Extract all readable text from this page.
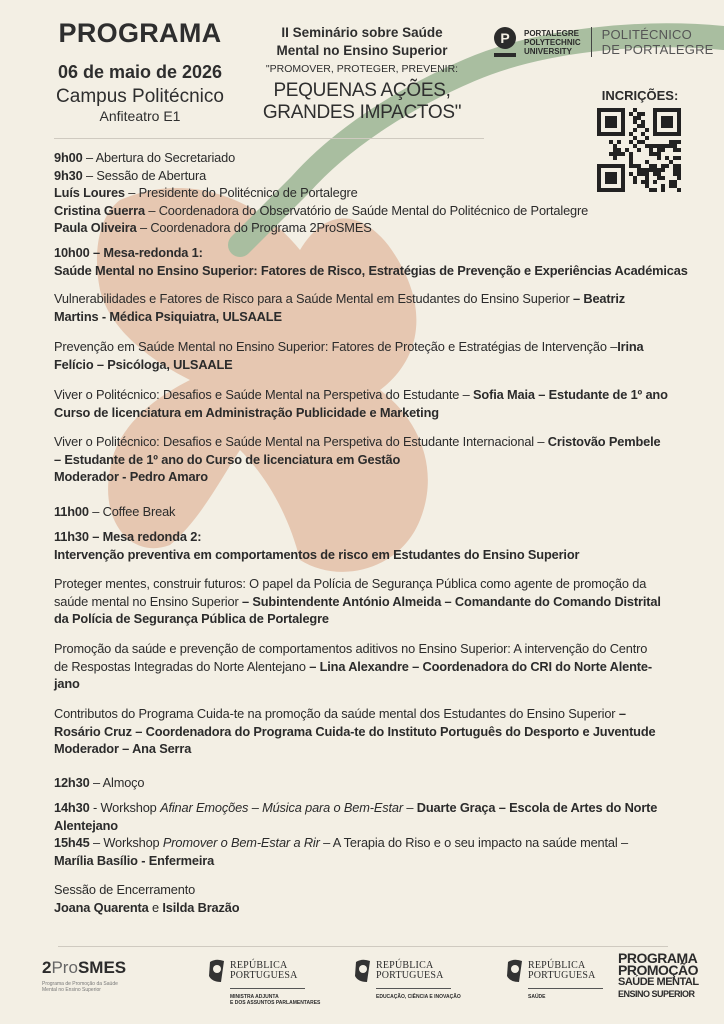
PROGRAMA
06 de maio de 2026
Campus Politécnico
Anfiteatro E1
II Seminário sobre Saúde
Mental no Ensino Superior
"PROMOVER, PROTEGER, PREVENIR:
PEQUENAS AÇÕES,
GRANDES IMPACTOS"
P PORTALEGRE
POLYTECHNIC
UNIVERSITY
POLITÉCNICO
DE PORTALEGRE
INCRIÇÕES:
9h00 – Abertura do Secretariado
9h30 – Sessão de Abertura
Luís Loures – Presidente do Politécnico de Portalegre
Cristina Guerra – Coordenadora do Observatório de Saúde Mental do Politécnico de Portalegre
Paula Oliveira – Coordenadora do Programa 2ProSMES
10h00 – Mesa-redonda 1:
Saúde Mental no Ensino Superior: Fatores de Risco, Estratégias de Prevenção e Experiências Académicas
Vulnerabilidades e Fatores de Risco para a Saúde Mental em Estudantes do Ensino Superior – Beatriz
Martins - Médica Psiquiatra, ULSAALE
Prevenção em Saúde Mental no Ensino Superior: Fatores de Proteção e Estratégias de Intervenção –Irina
Felício – Psicóloga, ULSAALE
Viver o Politécnico: Desafios e Saúde Mental na Perspetiva do Estudante – Sofia Maia – Estudante de 1º ano
Curso de licenciatura em Administração Publicidade e Marketing
Viver o Politécnico: Desafios e Saúde Mental na Perspetiva do Estudante Internacional – Cristovão Pembele
– Estudante de 1º ano do Curso de licenciatura em Gestão
Moderador - Pedro Amaro
11h00 – Coffee Break
11h30 – Mesa redonda 2:
Intervenção preventiva em comportamentos de risco em Estudantes do Ensino Superior
Proteger mentes, construir futuros: O papel da Polícia de Segurança Pública como agente de promoção da
saúde mental no Ensino Superior – Subintendente António Almeida – Comandante do Comando Distrital
da Polícia de Segurança Pública de Portalegre
Promoção da saúde e prevenção de comportamentos aditivos no Ensino Superior: A intervenção do Centro
de Respostas Integradas do Norte Alentejano – Lina Alexandre – Coordenadora do CRI do Norte Alente-
jano
Contributos do Programa Cuida-te na promoção da saúde mental dos Estudantes do Ensino Superior –
Rosário Cruz – Coordenadora do Programa Cuida-te do Instituto Português do Desporto e Juventude
Moderador – Ana Serra
12h30 – Almoço
14h30 - Workshop Afinar Emoções – Música para o Bem-Estar – Duarte Graça – Escola de Artes do Norte
Alentejano
15h45 – Workshop Promover o Bem-Estar a Rir – A Terapia do Riso e o seu impacto na saúde mental –
Marília Basílio - Enfermeira
Sessão de Encerramento
Joana Quarenta e Isilda Brazão
2ProSMES
Programa de Promoção da Saúde
Mental no Ensino Superior
REPÚBLICA
PORTUGUESA
MINISTRA ADJUNTA
E DOS ASSUNTOS PARLAMENTARES
REPÚBLICA
PORTUGUESA
EDUCAÇÃO, CIÊNCIA E INOVAÇÃO
REPÚBLICA
PORTUGUESA
SAÚDE
PROGRAMA
PROMOÇÃO
SAÚDE MENTAL
ENSINO SUPERIOR
